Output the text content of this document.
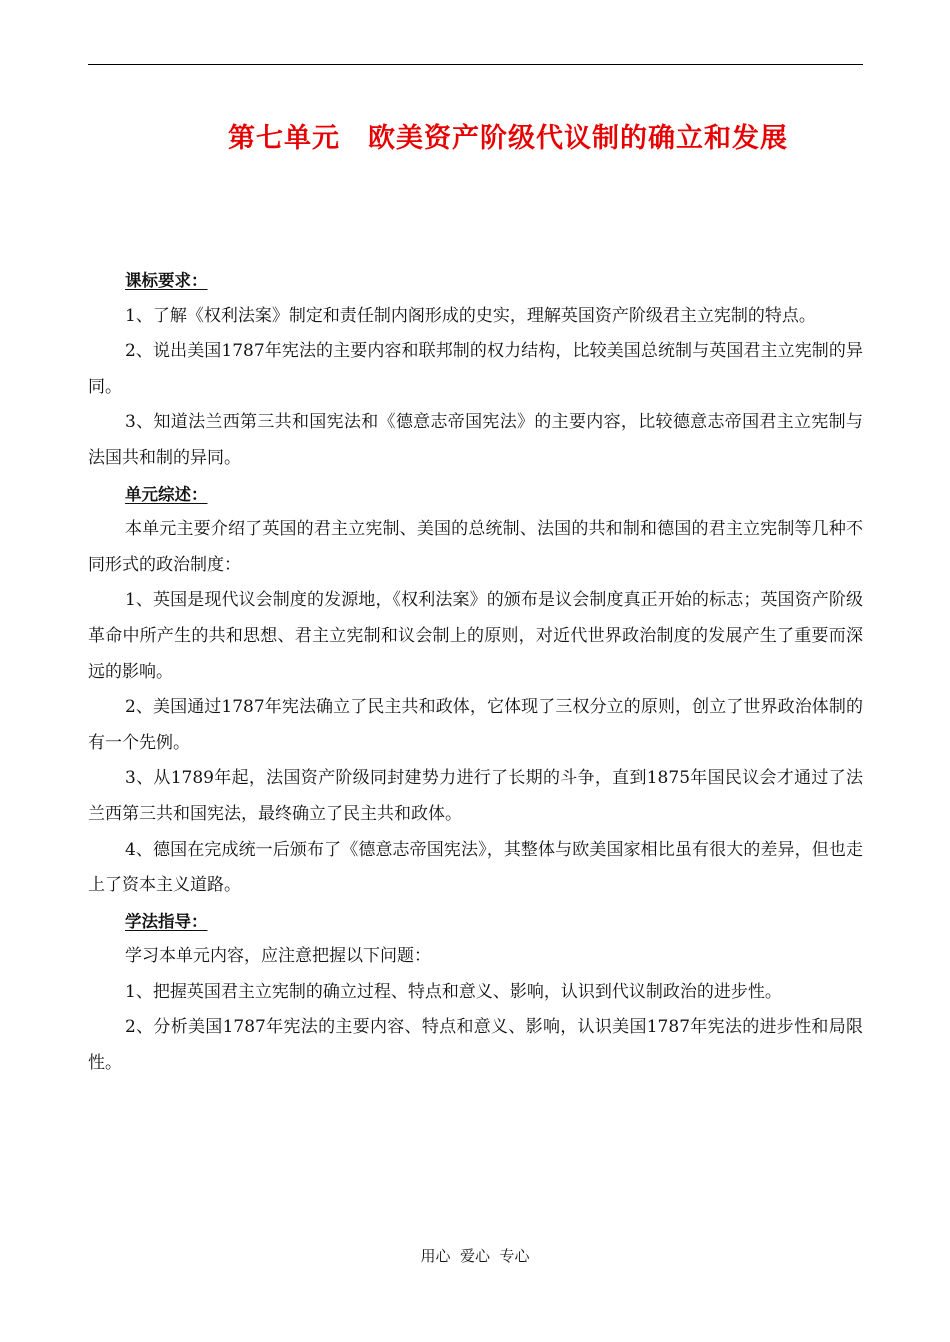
第七单元　欧美资产阶级代议制的确立和发展

课标要求：

1、了解《权利法案》制定和责任制内阁形成的史实，理解英国资产阶级君主立宪制的特点。

2、说出美国1787年宪法的主要内容和联邦制的权力结构，比较美国总统制与英国君主立宪制的异同。

3、知道法兰西第三共和国宪法和《德意志帝国宪法》的主要内容，比较德意志帝国君主立宪制与法国共和制的异同。

单元综述：

本单元主要介绍了英国的君主立宪制、美国的总统制、法国的共和制和德国的君主立宪制等几种不同形式的政治制度：

1、英国是现代议会制度的发源地，《权利法案》的颁布是议会制度真正开始的标志；英国资产阶级革命中所产生的共和思想、君主立宪制和议会制上的原则，对近代世界政治制度的发展产生了重要而深远的影响。

2、美国通过1787年宪法确立了民主共和政体，它体现了三权分立的原则，创立了世界政治体制的有一个先例。

3、从1789年起，法国资产阶级同封建势力进行了长期的斗争，直到1875年国民议会才通过了法兰西第三共和国宪法，最终确立了民主共和政体。

4、德国在完成统一后颁布了《德意志帝国宪法》，其整体与欧美国家相比虽有很大的差异，但也走上了资本主义道路。

学法指导：

学习本单元内容，应注意把握以下问题：

1、把握英国君主立宪制的确立过程、特点和意义、影响，认识到代议制政治的进步性。

2、分析美国1787年宪法的主要内容、特点和意义、影响，认识美国1787年宪法的进步性和局限性。

用心  爱心  专心
